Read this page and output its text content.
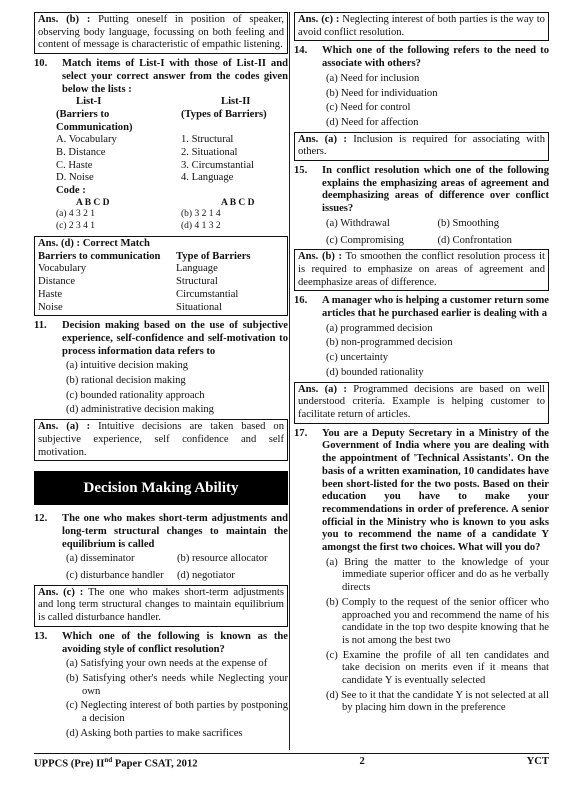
Ans. (b) : Putting oneself in position of speaker, observing body language, focussing on both feeling and content of message is characteristic of empathic listening.
10.	Match items of List-I with those of List-II and select your correct answer from the codes given below the lists :
List-I	List-II
(Barriers to Communication)
(Types of Barriers)
A. Vocabulary	1. Structural
B. Distance	2. Situational
C. Haste	3. Circumstantial
D. Noise	4. Language
Code :
A B C D	A B C D
(a) 4 3 2 1	(b) 3 2 1 4
(c) 2 3 4 1	(d) 4 1 3 2
Ans. (d) : Correct Match
Barriers to communication	Type of Barriers
Vocabulary	Language
Distance	Structural
Haste	Circumstantial
Noise	Situational
11.	Decision making based on the use of subjective experience, self-confidence and self-motivation to process information data refers to
(a) intuitive decision making
(b) rational decision making
(c) bounded rationality approach
(d) administrative decision making
Ans. (a) : Intuitive decisions are taken based on subjective experience, self confidence and self motivation.
Decision Making Ability
12.	The one who makes short-term adjustments and long-term structural changes to maintain the equilibrium is called
(a) disseminator	(b) resource allocator
(c) disturbance handler	(d) negotiator
Ans. (c) : The one who makes short-term adjustments and long term structural changes to maintain equilibrium is called disturbance handler.
13.	Which one of the following is known as the avoiding style of conflict resolution?
(a) Satisfying your own needs at the expense of
(b) Satisfying other's needs while Neglecting your own
(c) Neglecting interest of both parties by postponing a decision
(d) Asking both parties to make sacrifices
Ans. (c) : Neglecting interest of both parties is the way to avoid conflict resolution.
14.	Which one of the following refers to the need to associate with others?
(a) Need for inclusion
(b) Need for individuation
(c) Need for control
(d) Need for affection
Ans. (a) : Inclusion is required for associating with others.
15.	In conflict resolution which one of the following explains the emphasizing areas of agreement and deemphasizing areas of difference over conflict issues?
(a) Withdrawal	(b) Smoothing
(c) Compromising	(d) Confrontation
Ans. (b) : To smoothen the conflict resolution process it is required to emphasize on areas of agreement and deemphasize areas of difference.
16.	A manager who is helping a customer return some articles that he purchased earlier is dealing with a
(a) programmed decision
(b) non-programmed decision
(c) uncertainty
(d) bounded rationality
Ans. (a) : Programmed decisions are based on well understood criteria. Example is helping customer to facilitate return of articles.
17.	You are a Deputy Secretary in a Ministry of the Government of India where you are dealing with the appointment of 'Technical Assistants'. On the basis of a written examination, 10 candidates have been short-listed for the two posts. Based on their education you have to make your recommendations in order of preference. A senior official in the Ministry who is known to you asks you to recommend the name of a candidate Y amongst the first two choices. What will you do?
(a) Bring the matter to the knowledge of your immediate superior officer and do as he verbally directs
(b) Comply to the request of the senior officer who approached you and recommend the name of his candidate in the top two despite knowing that he is not among the best two
(c) Examine the profile of all ten candidates and take decision on merits even if it means that candidate Y is eventually selected
(d) See to it that the candidate Y is not selected at all by placing him down in the preference
UPPCS (Pre) IInd Paper CSAT, 2012	2	YCT
